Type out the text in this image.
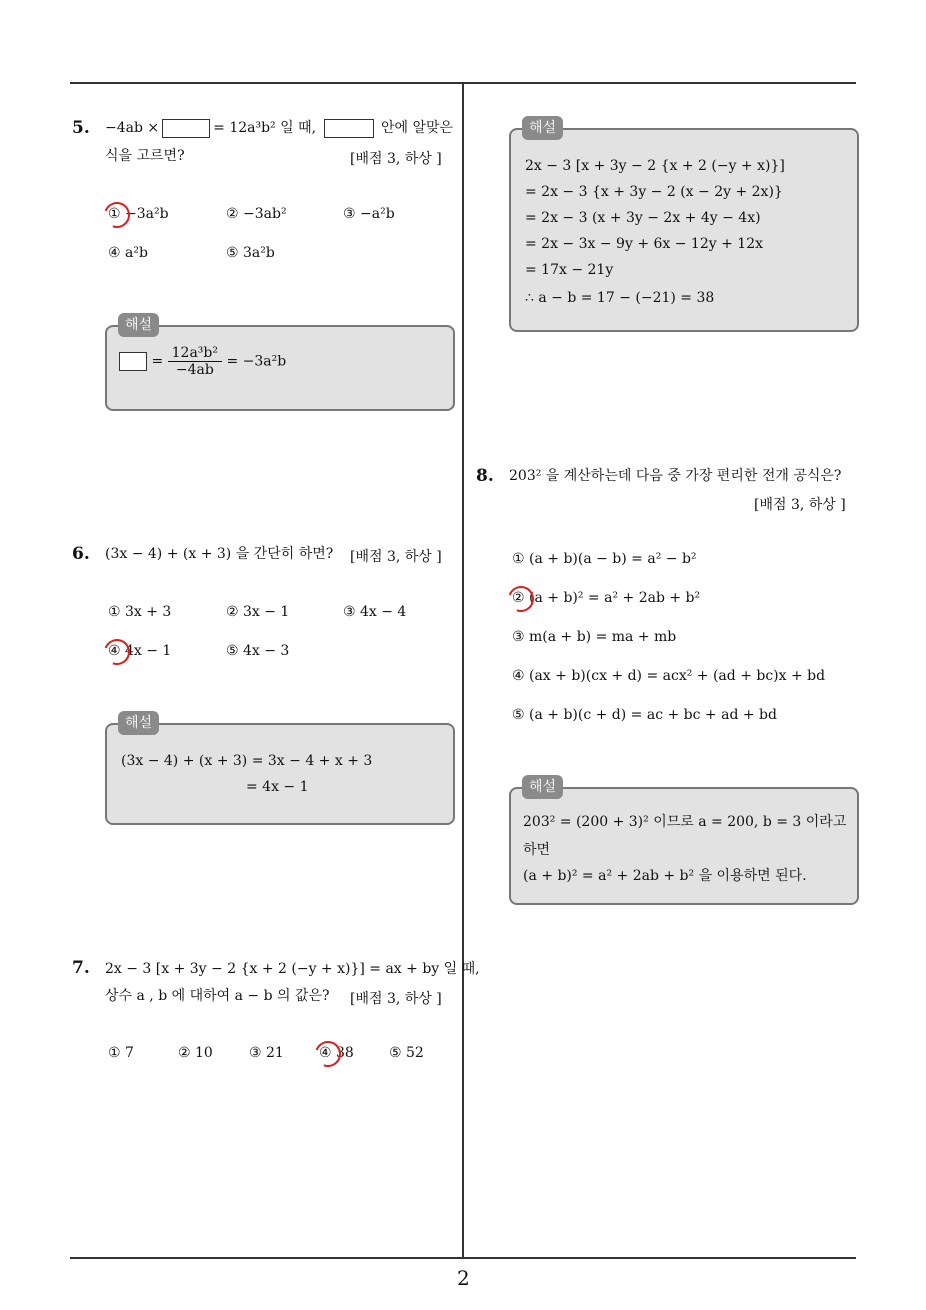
2
5. −4ab ×	= 12a³b² 일 때,	안에 알맞은
식을 고르면?	[배점 3, 하상 ]
① −3a²b	② −3ab²	③ −a²b
④ a²b	⑤ 3a²b
= $\frac{\text{12a³b²}}{-4ab} = -3a^2b$
해설
6. (3x − 4) + (x + 3) 을 간단히 하면? [배점 3, 하상 ]
① 3x + 3	② 3x − 1	③ 4x − 4
④ 4x − 1	⑤ 4x − 3
(3x − 4) + (x + 3) = 3x − 4 + x + 3
= 4x − 1
해설
7. 2x − 3 [x + 3y − 2 {x + 2 (−y + x)}] = ax + by 일 때,
상수 a , b 에 대하여 a − b 의 값은? [배점 3, 하상 ]
① 7	② 10	③ 21	④ 38	⑤ 52
2x − 3 [x + 3y − 2 {x + 2 (−y + x)}]
= 2x − 3 {x + 3y − 2 (x − 2y + 2x)}
= 2x − 3 (x + 3y − 2x + 4y − 4x)
= 2x − 3x − 9y + 6x − 12y + 12x
= 17x − 21y
∴ a − b = 17 − (−21) = 38
해설
8. 203² 을 계산하는데 다음 중 가장 편리한 전개 공식은?
[배점 3, 하상 ]
① (a + b)(a − b) = a² − b²
② (a + b)² = a² + 2ab + b²
③ m(a + b) = ma + mb
④ (ax + b)(cx + d) = acx² + (ad + bc)x + bd
⑤ (a + b)(c + d) = ac + bc + ad + bd
203² = (200 + 3)² 이므로 a = 200, b = 3 이라고
하면
(a + b)² = a² + 2ab + b² 을 이용하면 된다.
해설
